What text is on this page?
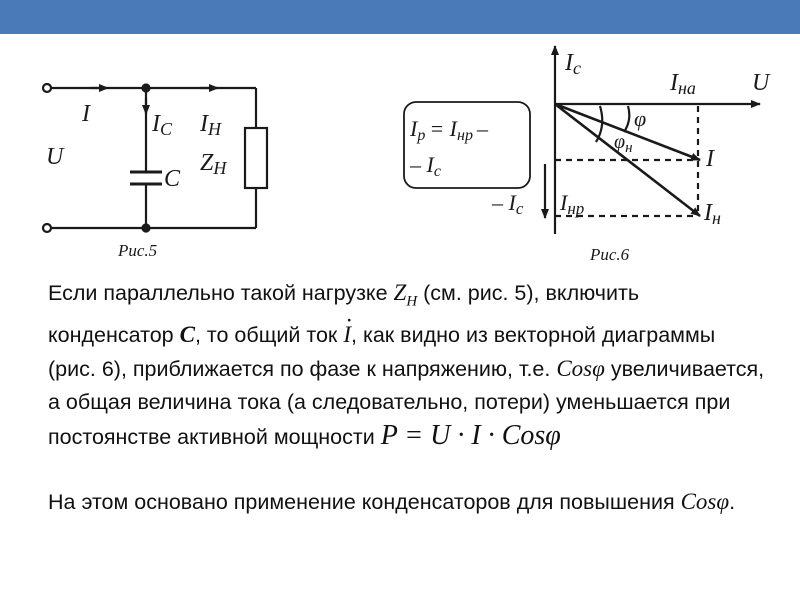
I
U
IC IH
C
ZH
Рис.5
Ic
Iна U
φ
$\varphi_н$	I
Iн
– Ic Iнр
Iр = Iнр –
– Ic
Рис.6

Если параллельно такой нагрузке $Z_H$ (см. рис. 5), включить конденсатор С, то общий ток · I, как видно из векторной диаграммы (рис. 6), приближается по фазе к напряжению, т.е. Cosφ увеличивается, а общая величина тока (а следовательно, потери) уменьшается при постоянстве активной мощности P = U · I · Cosφ

На этом основано применение конденсаторов для повышения Cosφ.
